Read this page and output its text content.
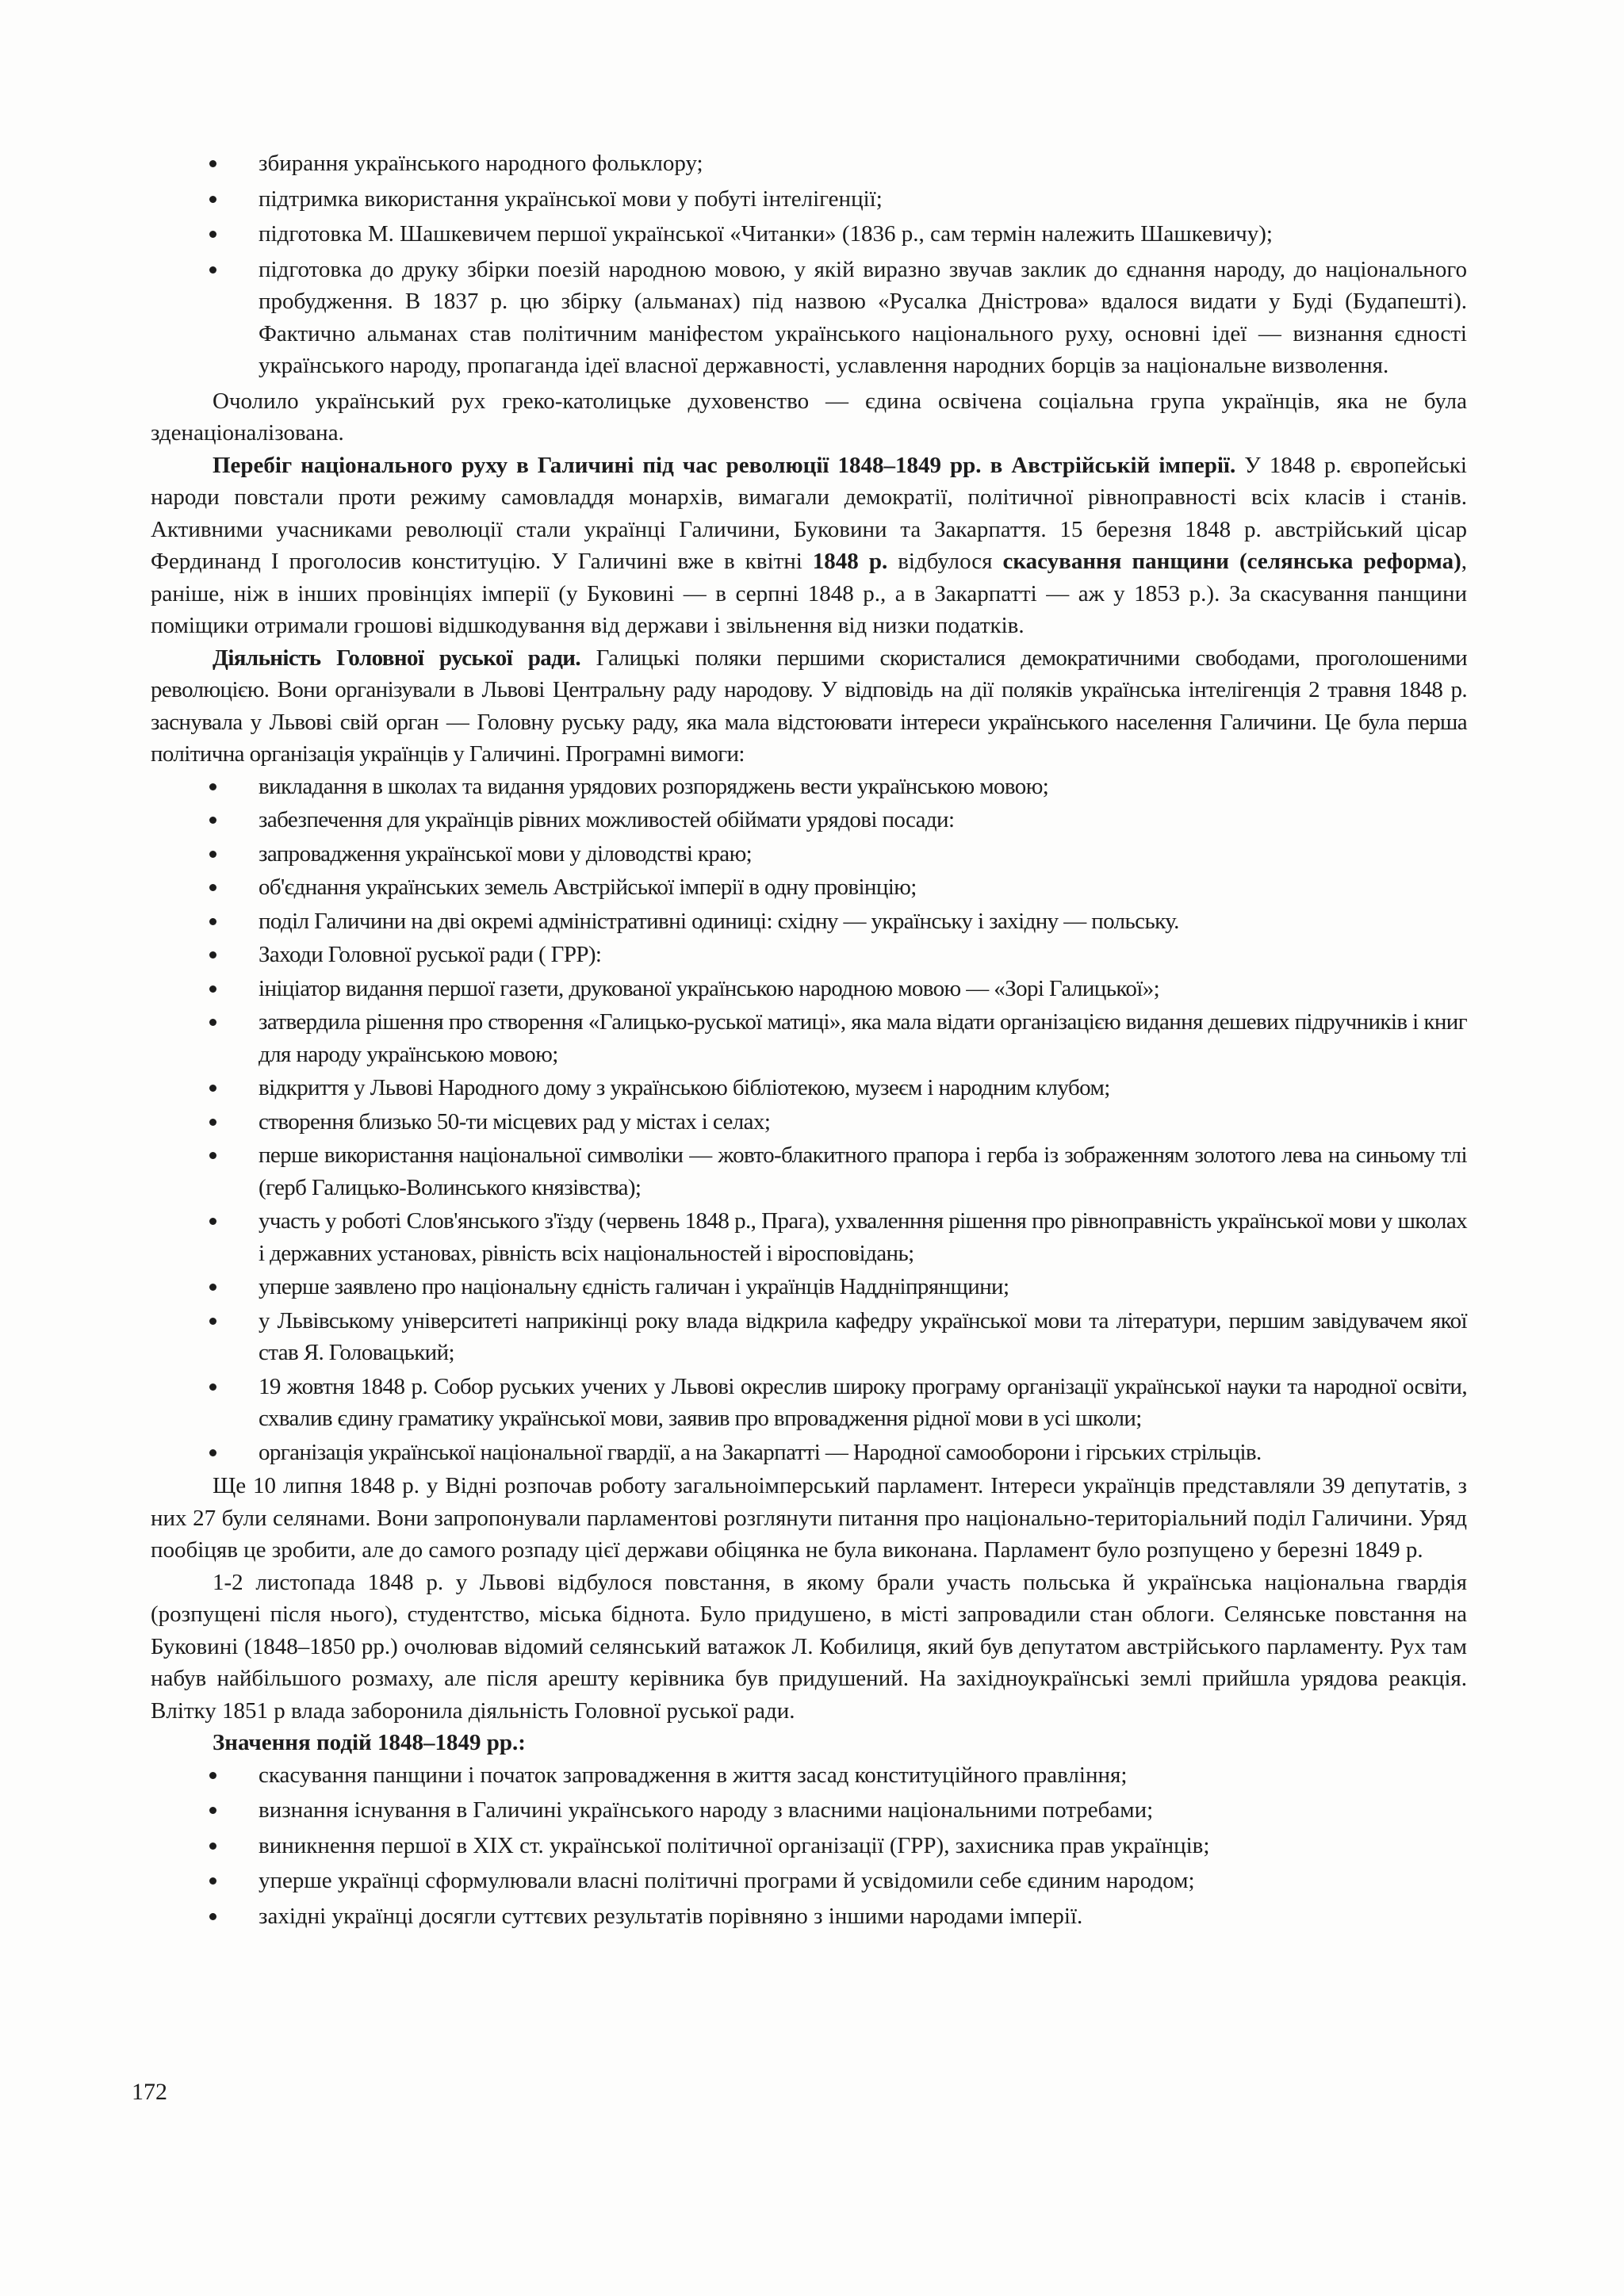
збирання українського народного фольклору;
підтримка використання української мови у побуті інтелігенції;
підготовка М. Шашкевичем першої української «Читанки» (1836 р., сам термін належить Шашкевичу);
підготовка до друку збірки поезій народною мовою, у якій виразно звучав заклик до єднання народу, до національного пробудження. В 1837 р. цю збірку (альманах) під назвою «Русалка Дністрова» вдалося видати у Буді (Будапешті). Фактично альманах став політичним маніфестом українського національного руху, основні ідеї — визнання єдності українського народу, пропаганда ідеї власної державності, уславлення народних борців за національне визволення.

Очолило український рух греко-католицьке духовенство — єдина освічена соціальна група українців, яка не була зденаціоналізована.

Перебіг національного руху в Галичині під час революції 1848–1849 рр. в Австрійській імперії. У 1848 р. європейські народи повстали проти режиму самовладдя монархів, вимагали демократії, політичної рівноправності всіх класів і станів. Активними учасниками революції стали українці Галичини, Буковини та Закарпаття. 15 березня 1848 р. австрійський цісар Фердинанд I проголосив конституцію. У Галичині вже в квітні 1848 р. відбулося скасування панщини (селянська реформа), раніше, ніж в інших провінціях імперії (у Буковині — в серпні 1848 р., а в Закарпатті — аж у 1853 р.). За скасування панщини поміщики отримали грошові відшкодування від держави і звільнення від низки податків.

Діяльність Головної руської ради. Галицькі поляки першими скористалися демократичними свободами, проголошеними революцією. Вони організували в Львові Центральну раду народову. У відповідь на дії поляків українська інтелігенція 2 травня 1848 р. заснувала у Львові свій орган — Головну руську раду, яка мала відстоювати інтереси українського населення Галичини. Це була перша політична організація українців у Галичині. Програмні вимоги:

викладання в школах та видання урядових розпоряджень вести українською мовою;
забезпечення для українців рівних можливостей обіймати урядові посади:
запровадження української мови у діловодстві краю;
об'єднання українських земель Австрійської імперії в одну провінцію;
поділ Галичини на дві окремі адміністративні одиниці: східну — українську і західну — польську.
Заходи Головної руської ради ( ГРР):
ініціатор видання першої газети, друкованої українською народною мовою — «Зорі Галицької»;
затвердила рішення про створення «Галицько-руської матиці», яка мала відати організацією видання дешевих підручників і книг для народу українською мовою;
відкриття у Львові Народного дому з українською бібліотекою, музеєм і народним клубом;
створення близько 50-ти місцевих рад у містах і селах;
перше використання національної символіки — жовто-блакитного прапора і герба із зображенням золотого лева на синьому тлі (герб Галицько-Волинського князівства);
участь у роботі Слов'янського з'їзду (червень 1848 р., Прага), ухваленння рішення про рівноправність української мови у школах і державних установах, рівність всіх національностей і віросповідань;
уперше заявлено про національну єдність галичан і українців Наддніпрянщини;
у Львівському університеті наприкінці року влада відкрила кафедру української мови та літератури, першим завідувачем якої став Я. Головацький;
19 жовтня 1848 р. Собор руських учених у Львові окреслив широку програму організації української науки та народної освіти, схвалив єдину граматику української мови, заявив про впровадження рідної мови в усі школи;
організація української національної гвардії, а на Закарпатті — Народної самооборони і гірських стрільців.

Ще 10 липня 1848 р. у Відні розпочав роботу загальноімперський парламент. Інтереси українців представляли 39 депутатів, з них 27 були селянами. Вони запропонували парламентові розглянути питання про національно-територіальний поділ Галичини. Уряд пообіцяв це зробити, але до самого розпаду цієї держави обіцянка не була виконана. Парламент було розпущено у березні 1849 р.

1-2 листопада 1848 р. у Львові відбулося повстання, в якому брали участь польська й українська національна гвардія (розпущені після нього), студентство, міська біднота. Було придушено, в місті запровадили стан облоги. Селянське повстання на Буковині (1848–1850 рр.) очолював відомий селянський ватажок Л. Кобилиця, який був депутатом австрійського парламенту. Рух там набув найбільшого розмаху, але після арешту керівника був придушений. На західноукраїнські землі прийшла урядова реакція. Влітку 1851 р влада заборонила діяльність Головної руської ради.

Значення подій 1848–1849 рр.:

скасування панщини і початок запровадження в життя засад конституційного правління;
визнання існування в Галичині українського народу з власними національними потребами;
виникнення першої в XIX ст. української політичної організації (ГРР), захисника прав українців;
уперше українці сформулювали власні політичні програми й усвідомили себе єдиним народом;
західні українці досягли суттєвих результатів порівняно з іншими народами імперії.
172
